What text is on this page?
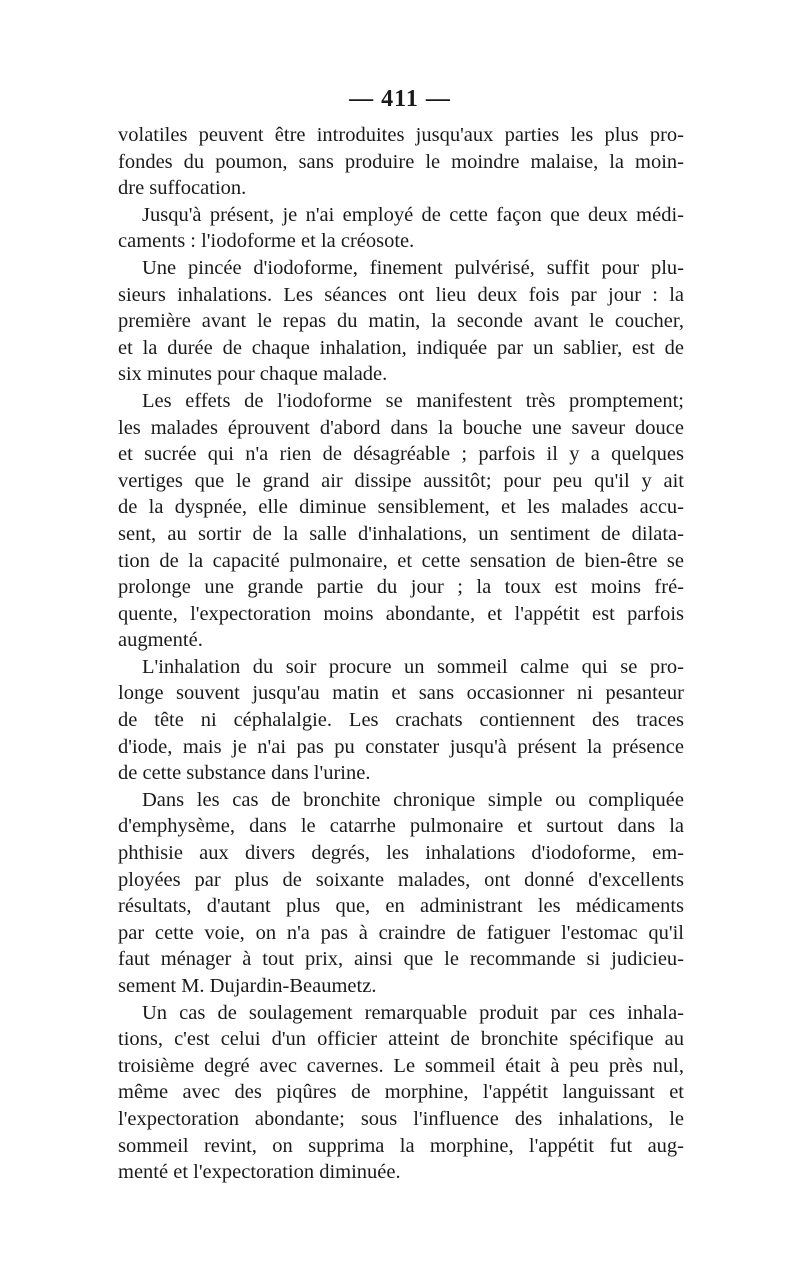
— 411 —
volatiles peuvent être introduites jusqu'aux parties les plus pro-
fondes du poumon, sans produire le moindre malaise, la moin-
dre suffocation.
Jusqu'à présent, je n'ai employé de cette façon que deux médi-
caments : l'iodoforme et la créosote.
Une pincée d'iodoforme, finement pulvérisé, suffit pour plu-
sieurs inhalations. Les séances ont lieu deux fois par jour : la
première avant le repas du matin, la seconde avant le coucher,
et la durée de chaque inhalation, indiquée par un sablier, est de
six minutes pour chaque malade.
Les effets de l'iodoforme se manifestent très promptement;
les malades éprouvent d'abord dans la bouche une saveur douce
et sucrée qui n'a rien de désagréable ; parfois il y a quelques
vertiges que le grand air dissipe aussitôt; pour peu qu'il y ait
de la dyspnée, elle diminue sensiblement, et les malades accu-
sent, au sortir de la salle d'inhalations, un sentiment de dilata-
tion de la capacité pulmonaire, et cette sensation de bien-être se
prolonge une grande partie du jour ; la toux est moins fré-
quente, l'expectoration moins abondante, et l'appétit est parfois
augmenté.
L'inhalation du soir procure un sommeil calme qui se pro-
longe souvent jusqu'au matin et sans occasionner ni pesanteur
de tête ni céphalalgie. Les crachats contiennent des traces
d'iode, mais je n'ai pas pu constater jusqu'à présent la présence
de cette substance dans l'urine.
Dans les cas de bronchite chronique simple ou compliquée
d'emphysème, dans le catarrhe pulmonaire et surtout dans la
phthisie aux divers degrés, les inhalations d'iodoforme, em-
ployées par plus de soixante malades, ont donné d'excellents
résultats, d'autant plus que, en administrant les médicaments
par cette voie, on n'a pas à craindre de fatiguer l'estomac qu'il
faut ménager à tout prix, ainsi que le recommande si judicieu-
sement M. Dujardin-Beaumetz.
Un cas de soulagement remarquable produit par ces inhala-
tions, c'est celui d'un officier atteint de bronchite spécifique au
troisième degré avec cavernes. Le sommeil était à peu près nul,
même avec des piqûres de morphine, l'appétit languissant et
l'expectoration abondante; sous l'influence des inhalations, le
sommeil revint, on supprima la morphine, l'appétit fut aug-
menté et l'expectoration diminuée.
